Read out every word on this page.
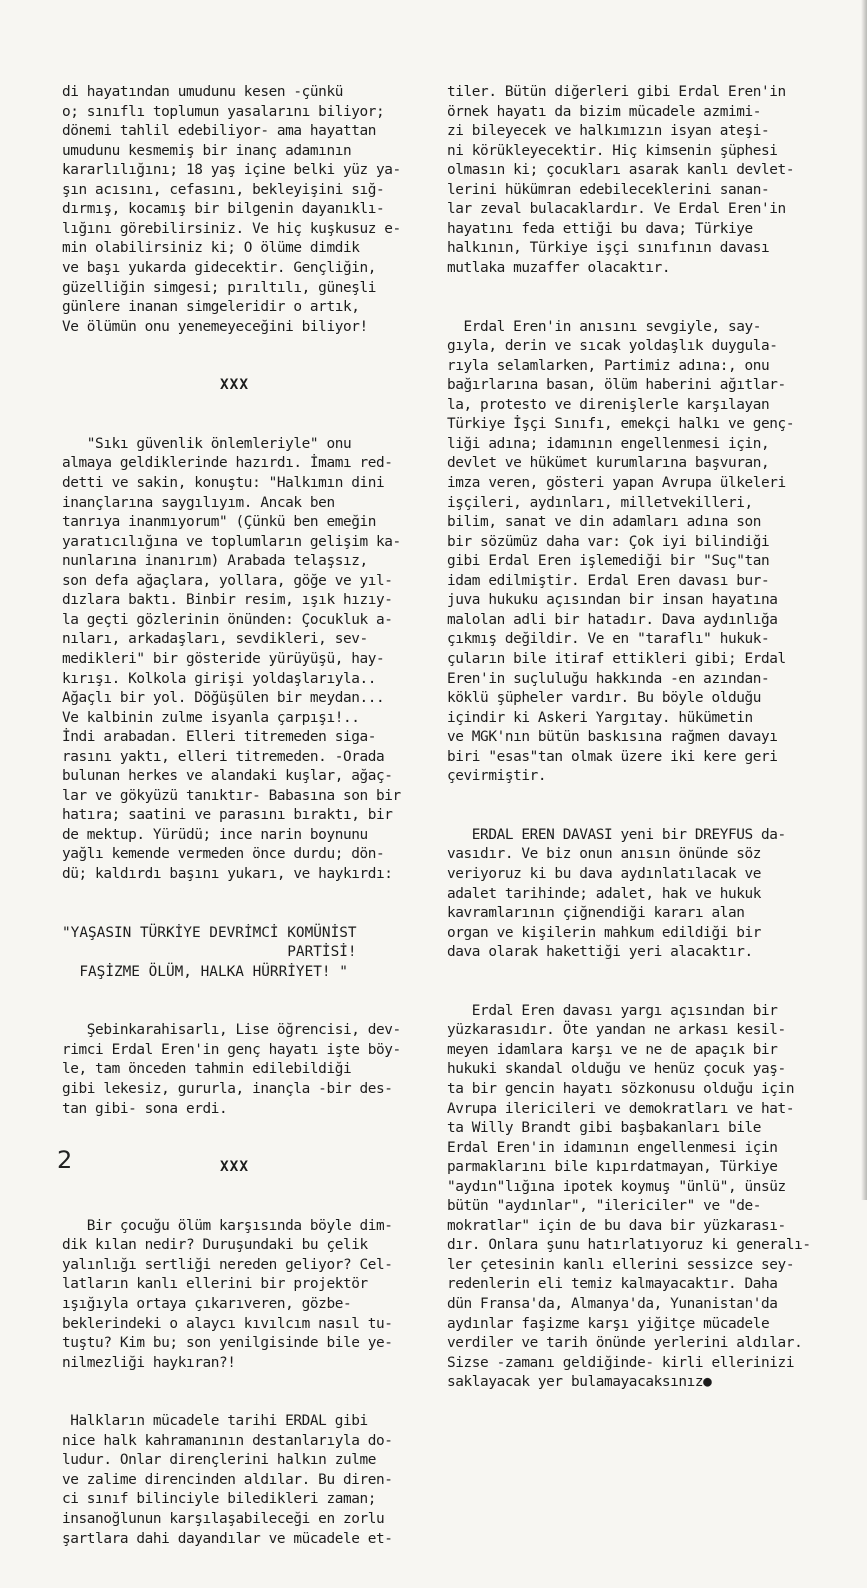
di hayatından umudunu kesen -çünkü
o; sınıflı toplumun yasalarını biliyor;
dönemi tahlil edebiliyor- ama hayattan
umudunu kesmemiş bir inanç adamının
kararlılığını; 18 yaş içine belki yüz ya-
şın acısını, cefasını, bekleyişini sığ-
dırmış, kocamış bir bilgenin dayanıklı-
lığını görebilirsiniz. Ve hiç kuşkusuz e-
min olabilirsiniz ki; O ölüme dimdik
ve başı yukarda gidecektir. Gençliğin,
güzelliğin simgesi; pırıltılı, güneşli
günlere inanan simgeleridir o artık,
Ve ölümün onu yenemeyeceğini biliyor!

XXX

"Sıkı güvenlik önlemleriyle" onu
almaya geldiklerinde hazırdı. İmamı red-
detti ve sakin, konuştu: "Halkımın dini
inançlarına saygılıyım. Ancak ben
tanrıya inanmıyorum" (Çünkü ben emeğin
yaratıcılığına ve toplumların gelişim ka-
nunlarına inanırım) Arabada telaşsız,
son defa ağaçlara, yollara, göğe ve yıl-
dızlara baktı. Binbir resim, ışık hızıy-
la geçti gözlerinin önünden: Çocukluk a-
nıları, arkadaşları, sevdikleri, sev-
medikleri" bir gösteride yürüyüşü, hay-
kırışı. Kolkola girişi yoldaşlarıyla..
Ağaçlı bir yol. Döğüşülen bir meydan...
Ve kalbinin zulme isyanla çarpışı!..
İndi arabadan. Elleri titremeden siga-
rasını yaktı, elleri titremeden. -Orada
bulunan herkes ve alandaki kuşlar, ağaç-
lar ve gökyüzü tanıktır- Babasına son bir
hatıra; saatini ve parasını bıraktı, bir
de mektup. Yürüdü; ince narin boynunu
yağlı kemende vermeden önce durdu; dön-
dü; kaldırdı başını yukarı, ve haykırdı:

"YAŞASIN TÜRKİYE DEVRİMCİ KOMÜNİST
PARTİSİ!
FAŞİZME ÖLÜM, HALKA HÜRRİYET! "

Şebinkarahisarlı, Lise öğrencisi, dev-
rimci Erdal Eren'in genç hayatı işte böy-
le, tam önceden tahmin edilebildiği
gibi lekesiz, gururla, inançla -bir des-
tan gibi- sona erdi.

XXX

Bir çocuğu ölüm karşısında böyle dim-
dik kılan nedir? Duruşundaki bu çelik
yalınlığı sertliği nereden geliyor? Cel-
latların kanlı ellerini bir projektör
ışığıyla ortaya çıkarıveren, gözbe-
beklerindeki o alaycı kıvılcım nasıl tu-
tuştu? Kim bu; son yenilgisinde bile ye-
nilmezliği haykıran?!

Halkların mücadele tarihi ERDAL gibi
nice halk kahramanının destanlarıyla do-
ludur. Onlar dirençlerini halkın zulme
ve zalime direncinden aldılar. Bu diren-
ci sınıf bilinciyle biledikleri zaman;
insanoğlunun karşılaşabileceği en zorlu
şartlara dahi dayandılar ve mücadele et-

tiler. Bütün diğerleri gibi Erdal Eren'in
örnek hayatı da bizim mücadele azmimi-
zi bileyecek ve halkımızın isyan ateşi-
ni körükleyecektir. Hiç kimsenin şüphesi
olmasın ki; çocukları asarak kanlı devlet-
lerini hükümran edebileceklerini sanan-
lar zeval bulacaklardır. Ve Erdal Eren'in
hayatını feda ettiği bu dava; Türkiye
halkının, Türkiye işçi sınıfının davası
mutlaka muzaffer olacaktır.

Erdal Eren'in anısını sevgiyle, say-
gıyla, derin ve sıcak yoldaşlık duygula-
rıyla selamlarken, Partimiz adına:, onu
bağırlarına basan, ölüm haberini ağıtlar-
la, protesto ve direnişlerle karşılayan
Türkiye İşçi Sınıfı, emekçi halkı ve genç-
liği adına; idamının engellenmesi için,
devlet ve hükümet kurumlarına başvuran,
imza veren, gösteri yapan Avrupa ülkeleri
işçileri, aydınları, milletvekilleri,
bilim, sanat ve din adamları adına son
bir sözümüz daha var: Çok iyi bilindiği
gibi Erdal Eren işlemediği bir "Suç"tan
idam edilmiştir. Erdal Eren davası bur-
juva hukuku açısından bir insan hayatına
malolan adli bir hatadır. Dava aydınlığa
çıkmış değildir. Ve en "taraflı" hukuk-
çuların bile itiraf ettikleri gibi; Erdal
Eren'in suçluluğu hakkında -en azından-
köklü şüpheler vardır. Bu böyle olduğu
içindir ki Askeri Yargıtay. hükümetin
ve MGK'nın bütün baskısına rağmen davayı
biri "esas"tan olmak üzere iki kere geri
çevirmiştir.

ERDAL EREN DAVASI yeni bir DREYFUS da-
vasıdır. Ve biz onun anısın önünde söz
veriyoruz ki bu dava aydınlatılacak ve
adalet tarihinde; adalet, hak ve hukuk
kavramlarının çiğnendiği kararı alan
organ ve kişilerin mahkum edildiği bir
dava olarak hakettiği yeri alacaktır.

Erdal Eren davası yargı açısından bir
yüzkarasıdır. Öte yandan ne arkası kesil-
meyen idamlara karşı ve ne de apaçık bir
hukuki skandal olduğu ve henüz çocuk yaş-
ta bir gencin hayatı sözkonusu olduğu için
Avrupa ilericileri ve demokratları ve hat-
ta Willy Brandt gibi başbakanları bile
Erdal Eren'in idamının engellenmesi için
parmaklarını bile kıpırdatmayan, Türkiye
"aydın"lığına ipotek koymuş "ünlü", ünsüz
bütün "aydınlar", "ilericiler" ve "de-
mokratlar" için de bu dava bir yüzkarası-
dır. Onlara şunu hatırlatıyoruz ki generalı-
ler çetesinin kanlı ellerini sessizce sey-
redenlerin eli temiz kalmayacaktır. Daha
dün Fransa'da, Almanya'da, Yunanistan'da
aydınlar faşizme karşı yiğitçe mücadele
verdiler ve tarih önünde yerlerini aldılar.
Sizse -zamanı geldiğinde- kirli ellerinizi
saklayacak yer bulamayacaksınız●

2
